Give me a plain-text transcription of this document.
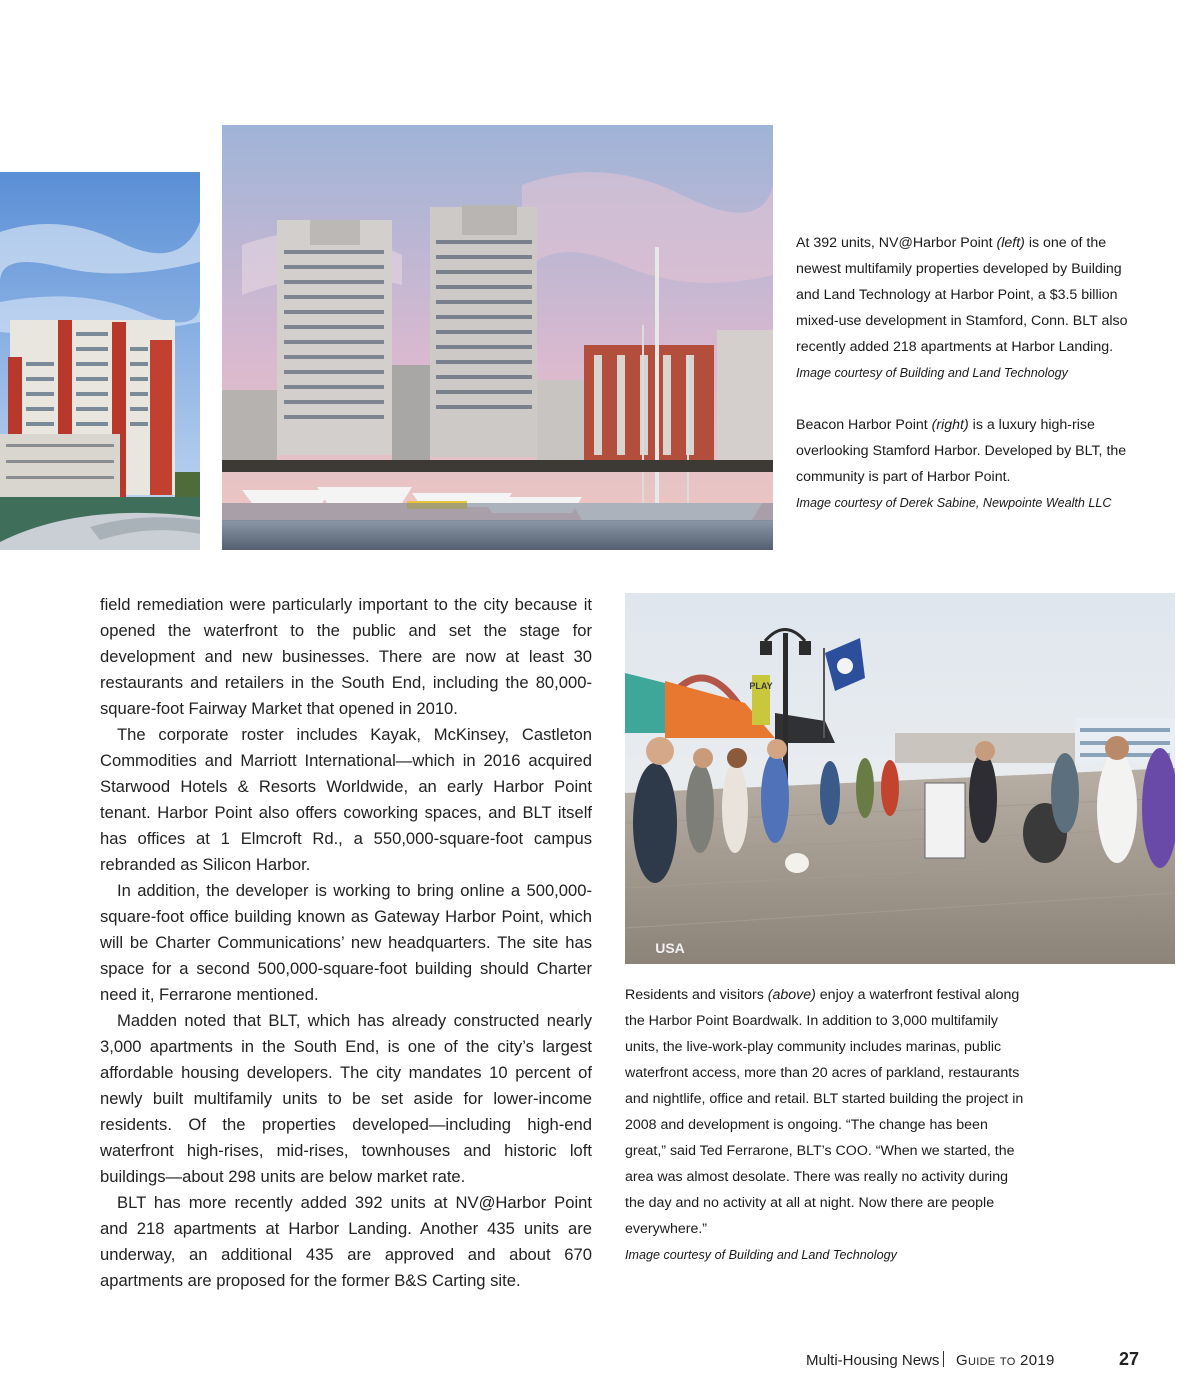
At 392 units, NV@Harbor Point (left) is one of the newest multifamily properties developed by Building and Land Technology at Harbor Point, a $3.5 billion mixed-use development in Stamford, Conn. BLT also recently added 218 apartments at Harbor Landing.

Image courtesy of Building and Land Technology

Beacon Harbor Point (right) is a luxury high-rise overlooking Stamford Harbor. Developed by BLT, the community is part of Harbor Point.

Image courtesy of Derek Sabine, Newpointe Wealth LLC

field remediation were particularly important to the city because it opened the waterfront to the public and set the stage for development and new businesses. There are now at least 30 restaurants and retailers in the South End, including the 80,000-square-foot Fairway Market that opened in 2010.

The corporate roster includes Kayak, McKinsey, Castleton Commodities and Marriott International—which in 2016 acquired Starwood Hotels & Resorts Worldwide, an early Harbor Point tenant. Harbor Point also offers coworking spaces, and BLT itself has offices at 1 Elmcroft Rd., a 550,000-square-foot campus rebranded as Silicon Harbor.

In addition, the developer is working to bring online a 500,000-square-foot office building known as Gateway Harbor Point, which will be Charter Communications’ new headquarters. The site has space for a second 500,000-square-foot building should Charter need it, Ferrarone mentioned.

Madden noted that BLT, which has already constructed nearly 3,000 apartments in the South End, is one of the city’s largest affordable housing developers. The city mandates 10 percent of newly built multifamily units to be set aside for lower-income residents. Of the properties developed—including high-end waterfront high-rises, mid-rises, townhouses and historic loft buildings—about 298 units are below market rate.

BLT has more recently added 392 units at NV@Harbor Point and 218 apartments at Harbor Landing. Another 435 units are underway, an additional 435 are approved and about 670 apartments are proposed for the former B&S Carting site.

PLAY
USA

Residents and visitors (above) enjoy a waterfront festival along the Harbor Point Boardwalk. In addition to 3,000 multifamily units, the live-work-play community includes marinas, public waterfront access, more than 20 acres of parkland, restaurants and nightlife, office and retail. BLT started building the project in 2008 and development is ongoing. “The change has been great,” said Ted Ferrarone, BLT’s COO. “When we started, the area was almost desolate. There was really no activity during the day and no activity at all at night. Now there are people everywhere.”

Image courtesy of Building and Land Technology

Multi-Housing News Guide to 2019	27
